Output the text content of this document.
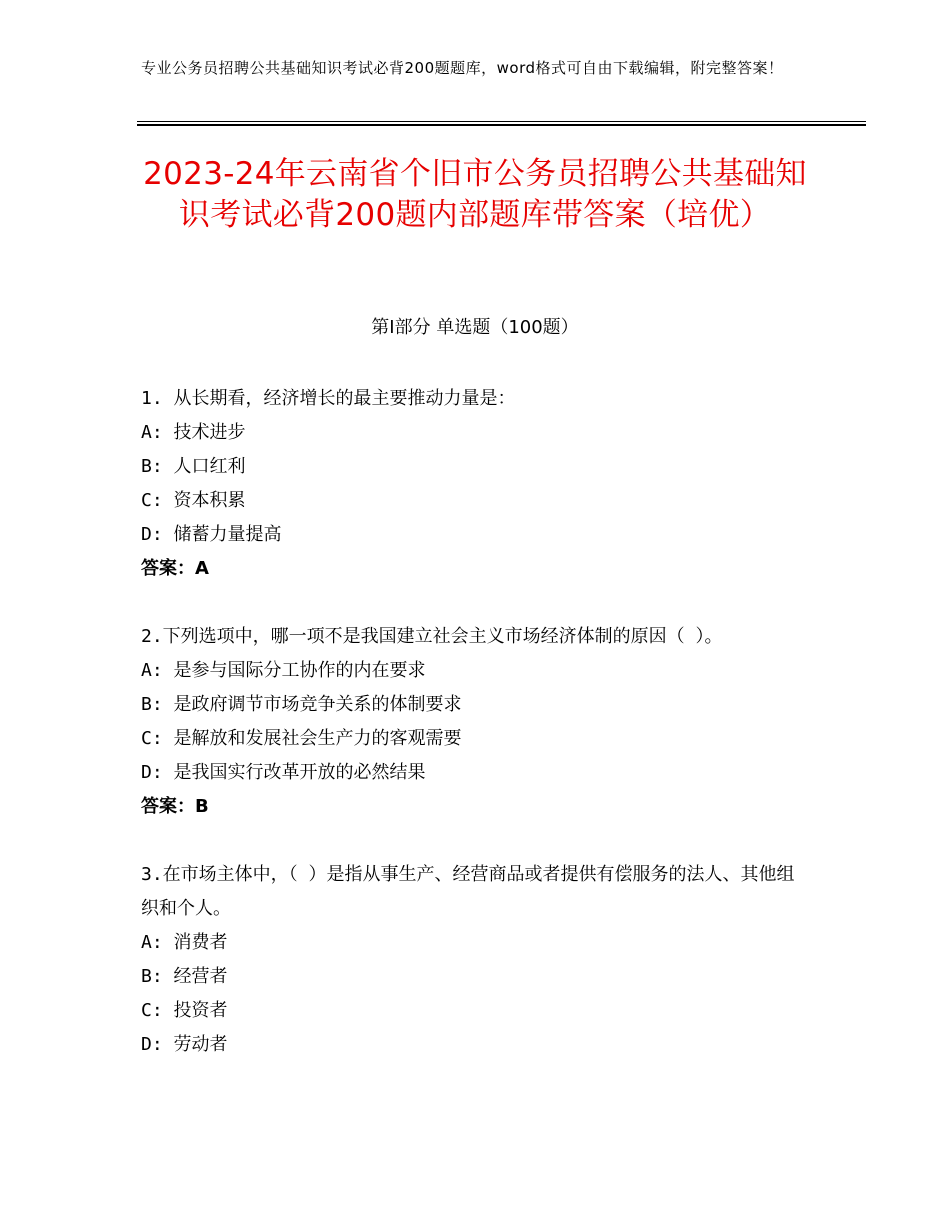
专业公务员招聘公共基础知识考试必背200题题库，word格式可自由下载编辑，附完整答案！
2023-24年云南省个旧市公务员招聘公共基础知识考试必背200题内部题库带答案（培优）
第Ⅰ部分 单选题（100题）

1. 从长期看，经济增长的最主要推动力量是：

A: 技术进步

B: 人口红利

C: 资本积累

D: 储蓄力量提高

答案：A

2.下列选项中，哪一项不是我国建立社会主义市场经济体制的原因（ ）。

A: 是参与国际分工协作的内在要求

B: 是政府调节市场竞争关系的体制要求

C: 是解放和发展社会生产力的客观需要

D: 是我国实行改革开放的必然结果

答案：B

3.在市场主体中，（ ）是指从事生产、经营商品或者提供有偿服务的法人、其他组织和个人。

A: 消费者

B: 经营者

C: 投资者

D: 劳动者
